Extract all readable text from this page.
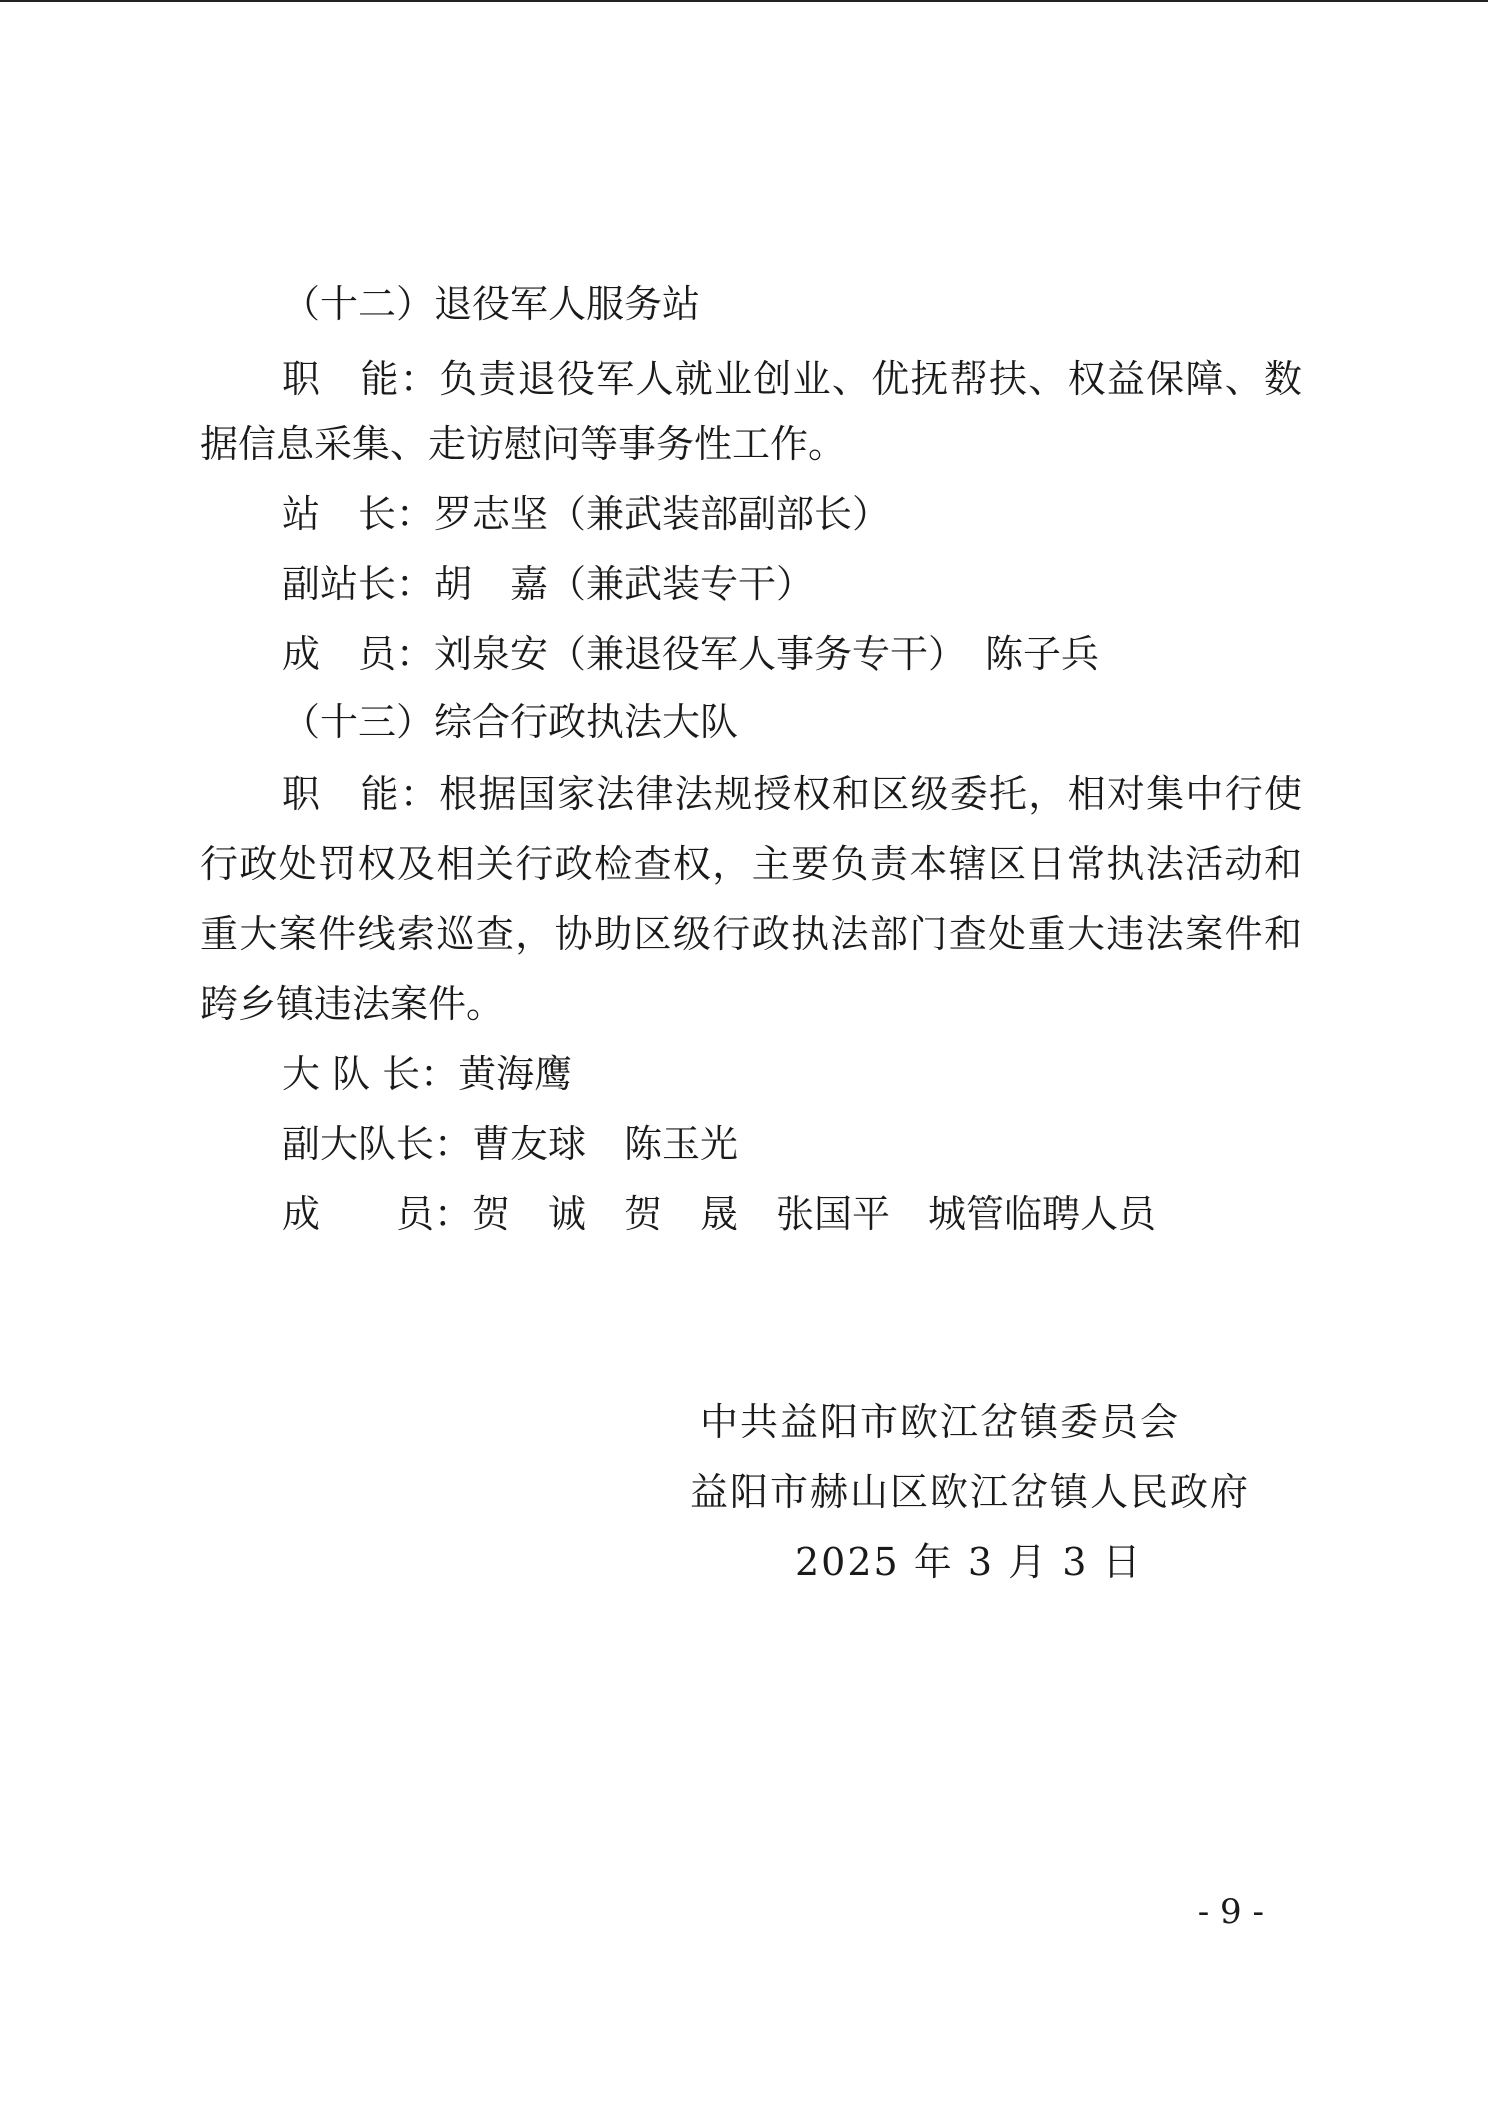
（十二）退役军人服务站
职　能：负责退役军人就业创业、优抚帮扶、权益保障、数
据信息采集、走访慰问等事务性工作。
站　长：罗志坚（兼武装部副部长）
副站长：胡　嘉（兼武装专干）
成　员：刘泉安（兼退役军人事务专干）　陈子兵
（十三）综合行政执法大队
职　能：根据国家法律法规授权和区级委托，相对集中行使
行政处罚权及相关行政检查权，主要负责本辖区日常执法活动和
重大案件线索巡查，协助区级行政执法部门查处重大违法案件和
跨乡镇违法案件。
大 队 长：黄海鹰
副大队长：曹友球　陈玉光
成　　员：贺　诚　贺　晟　张国平　城管临聘人员
中共益阳市欧江岔镇委员会
益阳市赫山区欧江岔镇人民政府
2025 年 3 月 3 日
- 9 -
